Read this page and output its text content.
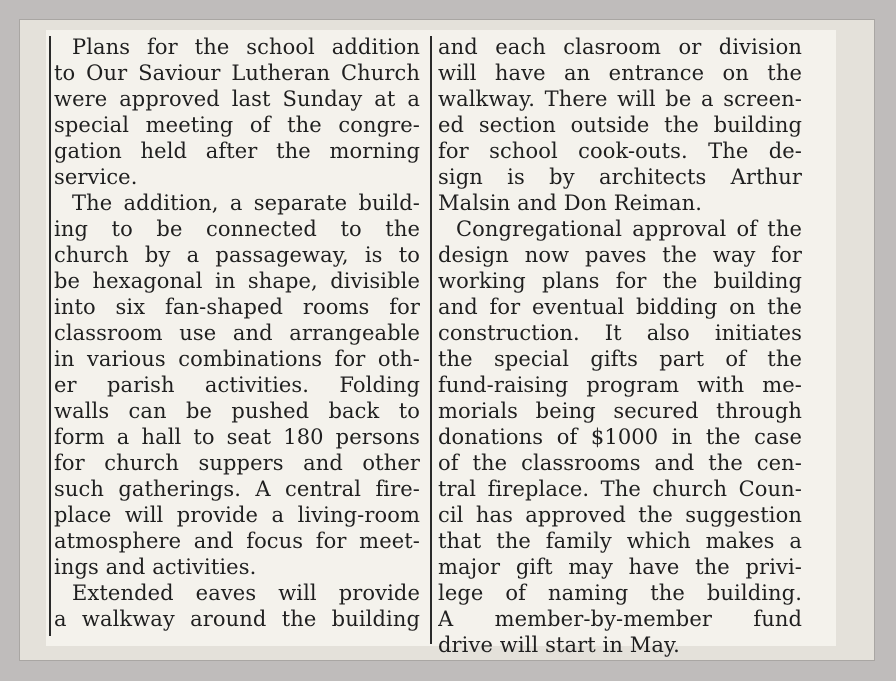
Plans for the school addition
to Our Saviour Lutheran Church
were approved last Sunday at a
special meeting of the congre-
gation held after the morning
service.
The addition, a separate build-
ing to be connected to the
church by a passageway, is to
be hexagonal in shape, divisible
into six fan-shaped rooms for
classroom use and arrangeable
in various combinations for oth-
er parish activities. Folding
walls can be pushed back to
form a hall to seat 180 persons
for church suppers and other
such gatherings. A central fire-
place will provide a living-room
atmosphere and focus for meet-
ings and activities.
Extended eaves will provide
a walkway around the building
and each clasroom or division
will have an entrance on the
walkway. There will be a screen-
ed section outside the building
for school cook-outs. The de-
sign is by architects Arthur
Malsin and Don Reiman.
Congregational approval of the
design now paves the way for
working plans for the building
and for eventual bidding on the
construction. It also initiates
the special gifts part of the
fund-raising program with me-
morials being secured through
donations of $1000 in the case
of the classrooms and the cen-
tral fireplace. The church Coun-
cil has approved the suggestion
that the family which makes a
major gift may have the privi-
lege of naming the building.
A member-by-member fund
drive will start in May.
